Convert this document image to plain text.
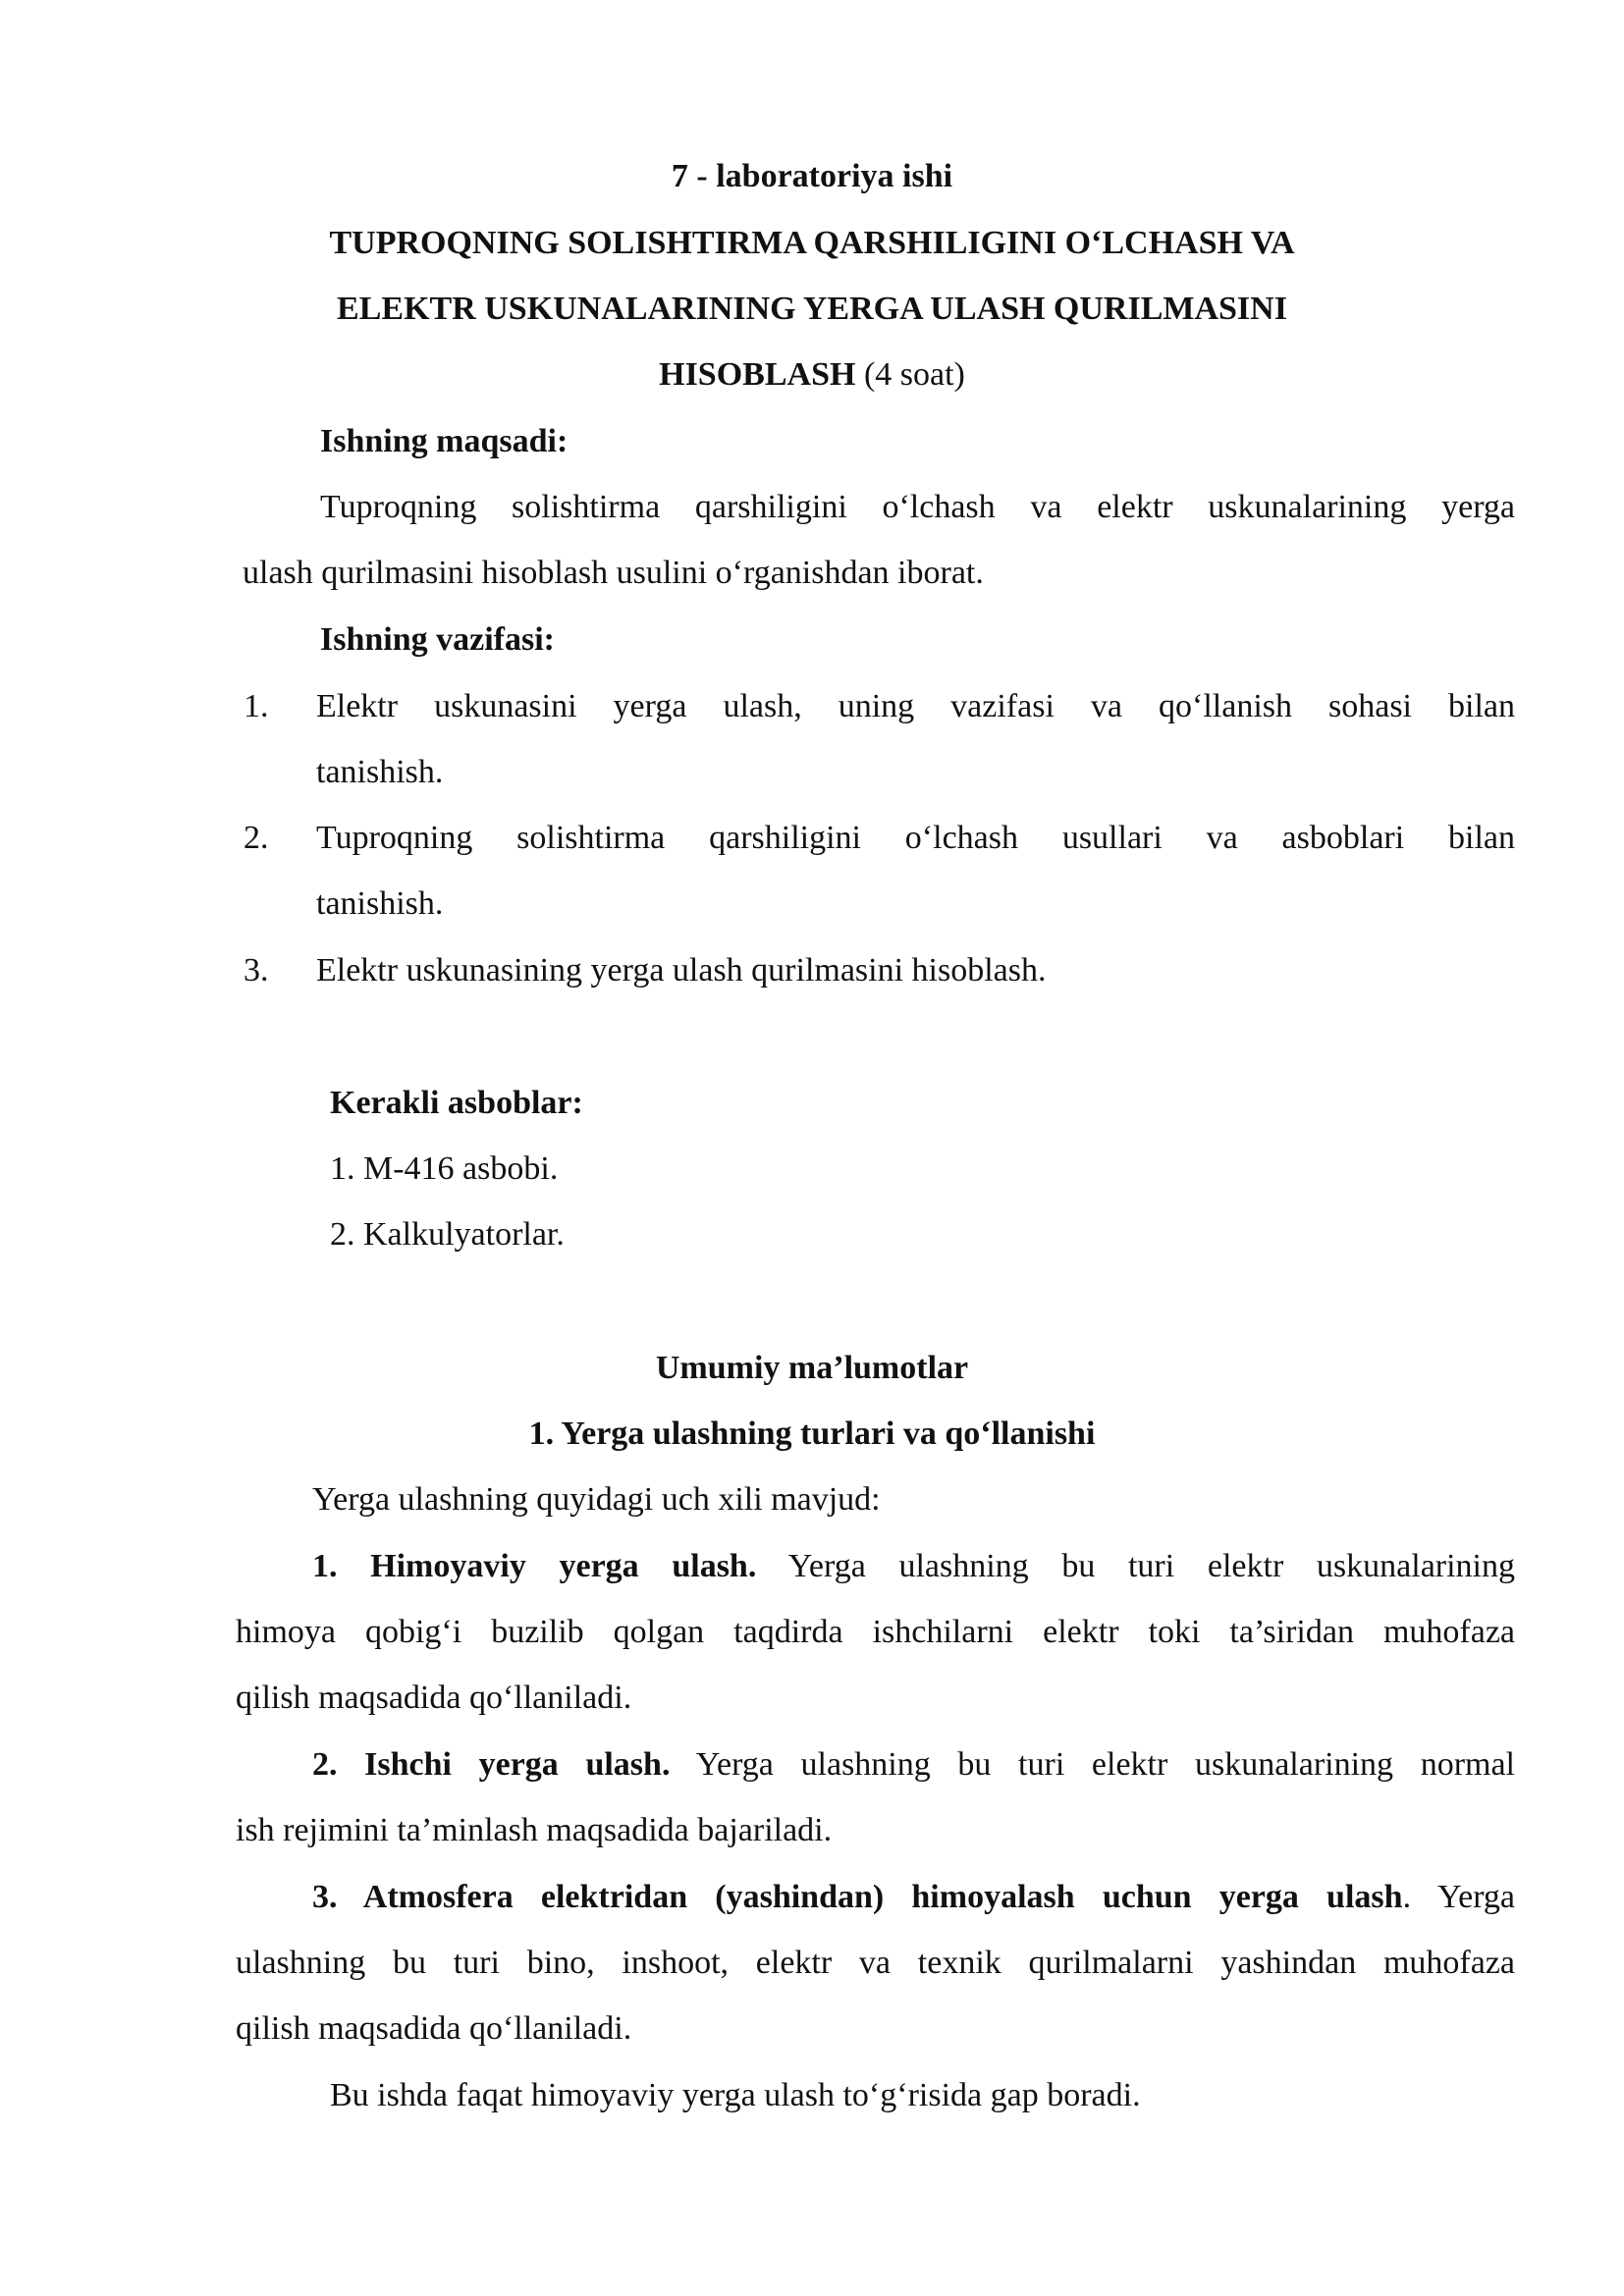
7 - laboratoriya ishi
TUPROQNING SOLISHTIRMA QARSHILIGINI O‘LCHASH VA
ELEKTR USKUNALARINING YERGA ULASH QURILMASINI
HISOBLASH (4 soat)
Ishning maqsadi:
Tuproqning solishtirma qarshiligini o‘lchash va elektr uskunalarining yerga
ulash qurilmasini hisoblash usulini o‘rganishdan iborat.
Ishning vazifasi:
1.	Elektr uskunasini yerga ulash, uning vazifasi va qo‘llanish sohasi bilan
tanishish.
2.	Tuproqning solishtirma qarshiligini o‘lchash usullari va asboblari bilan
tanishish.
3.	Elektr uskunasining yerga ulash qurilmasini hisoblash.
Kerakli asboblar:
1. M-416 asbobi.
2. Kalkulyatorlar.
Umumiy ma’lumotlar
1. Yerga ulashning turlari va qo‘llanishi
Yerga ulashning quyidagi uch xili mavjud:
1. Himoyaviy yerga ulash. Yerga ulashning bu turi elektr uskunalarining
himoya qobig‘i buzilib qolgan taqdirda ishchilarni elektr toki ta’siridan muhofaza
qilish maqsadida qo‘llaniladi.
2. Ishchi yerga ulash. Yerga ulashning bu turi elektr uskunalarining normal
ish rejimini ta’minlash maqsadida bajariladi.
3. Atmosfera elektridan (yashindan) himoyalash uchun yerga ulash. Yerga
ulashning bu turi bino, inshoot, elektr va texnik qurilmalarni yashindan muhofaza
qilish maqsadida qo‘llaniladi.
Bu ishda faqat himoyaviy yerga ulash to‘g‘risida gap boradi.
